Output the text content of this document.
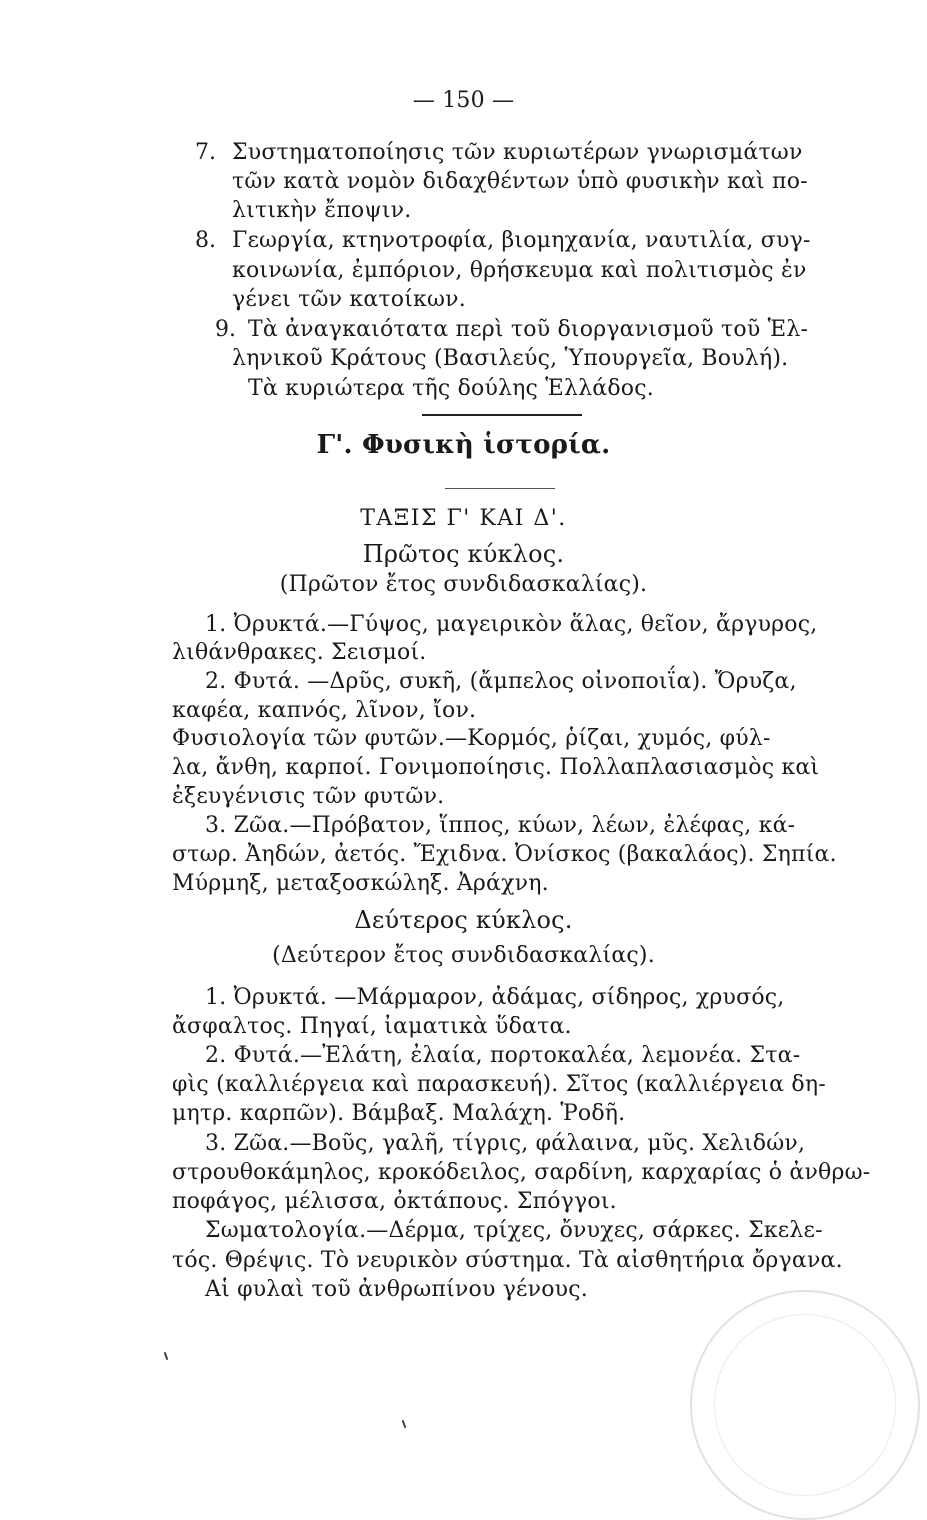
— 150 —
7. Συστηματοποίησις τῶν κυριωτέρων γνωρισμάτων
τῶν κατὰ νομὸν διδαχθέντων ὑπὸ φυσικὴν καὶ πο-
λιτικὴν ἔποψιν.
8. Γεωργία, κτηνοτροφία, βιομηχανία, ναυτιλία, συγ-
κοινωνία, ἐμπόριον, θρήσκευμα καὶ πολιτισμὸς ἐν
γένει τῶν κατοίκων.
9. Τὰ ἀναγκαιότατα περὶ τοῦ διοργανισμοῦ τοῦ Ἑλ-
ληνικοῦ Κράτους (Βασιλεύς, Ὑπουργεῖα, Βουλή).
Τὰ κυριώτερα τῆς δούλης Ἑλλάδος.
Γ'. Φυσικὴ ἱστορία.
ΤΑΞΙΣ Γ' ΚΑΙ Δ'.
Πρῶτος κύκλος.
(Πρῶτον ἔτος συνδιδασκαλίας).
1. Ὀρυκτά.—Γύψος, μαγειρικὸν ἅλας, θεῖον, ἄργυρος,
λιθάνθρακες. Σεισμοί.
2. Φυτά. —Δρῦς, συκῆ, (ἄμπελος οἰνοποιΐα). Ὄρυζα,
καφέα, καπνός, λῖνον, ἴον.
Φυσιολογία τῶν φυτῶν.—Κορμός, ῥίζαι, χυμός, φύλ-
λα, ἄνθη, καρποί. Γονιμοποίησις. Πολλαπλασιασμὸς καὶ
ἐξευγένισις τῶν φυτῶν.
3. Ζῶα.—Πρόβατον, ἵππος, κύων, λέων, ἐλέφας, κά-
στωρ. Ἀηδών, ἀετός. Ἔχιδνα. Ὀνίσκος (βακαλάος). Σηπία.
Μύρμηξ, μεταξοσκώληξ. Ἀράχνη.
Δεύτερος κύκλος.
(Δεύτερον ἔτος συνδιδασκαλίας).
1. Ὀρυκτά. —Μάρμαρον, ἀδάμας, σίδηρος, χρυσός,
ἄσφαλτος. Πηγαί, ἰαματικὰ ὕδατα.
2. Φυτά.—Ἐλάτη, ἐλαία, πορτοκαλέα, λεμονέα. Στα-
φὶς (καλλιέργεια καὶ παρασκευή). Σῖτος (καλλιέργεια δη-
μητρ. καρπῶν). Βάμβαξ. Μαλάχη. Ῥοδῆ.
3. Ζῶα.—Βοῦς, γαλῆ, τίγρις, φάλαινα, μῦς. Χελιδών,
στρουθοκάμηλος, κροκόδειλος, σαρδίνη, καρχαρίας ὁ ἀνθρω-
ποφάγος, μέλισσα, ὀκτάπους. Σπόγγοι.
Σωματολογία.—Δέρμα, τρίχες, ὄνυχες, σάρκες. Σκελε-
τός. Θρέψις. Τὸ νευρικὸν σύστημα. Τὰ αἰσθητήρια ὄργανα.
Αἱ φυλαὶ τοῦ ἀνθρωπίνου γένους.
